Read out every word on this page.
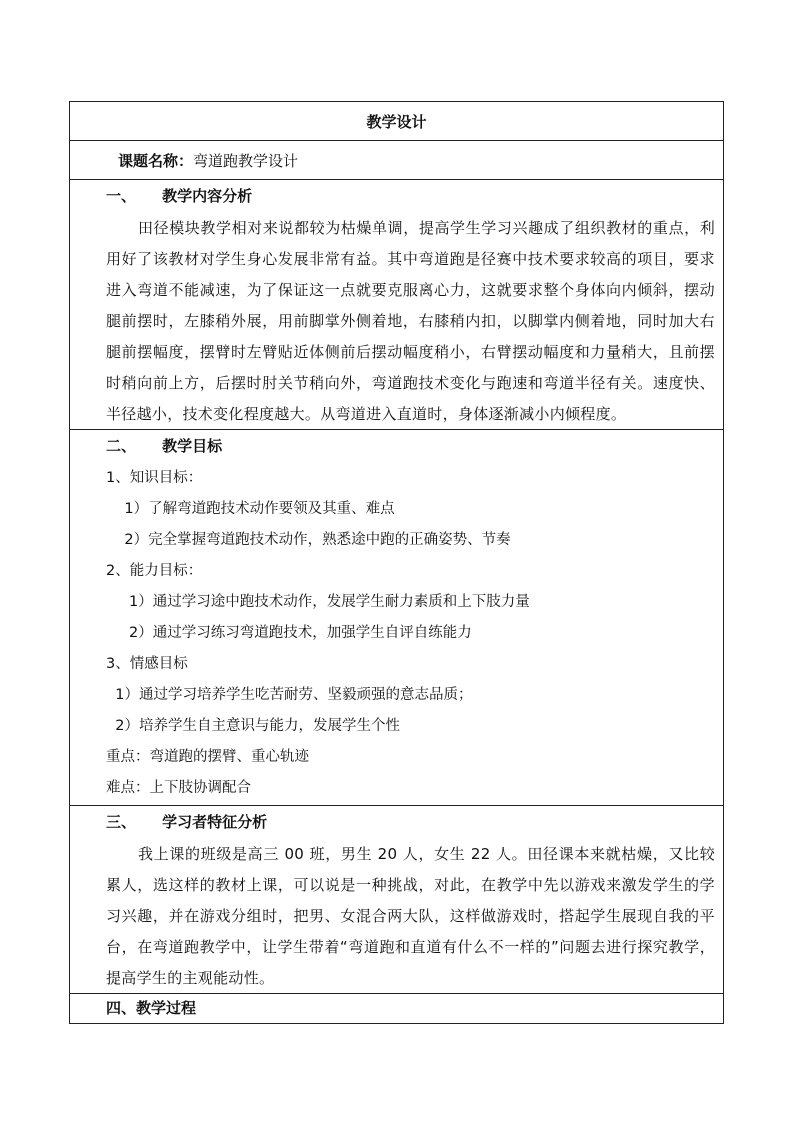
教学设计
课题名称： 弯道跑教学设计
一、     教学内容分析

田径模块教学相对来说都较为枯燥单调，提高学生学习兴趣成了组织教材的重点，利用好了该教材对学生身心发展非常有益。其中弯道跑是径赛中技术要求较高的项目，要求进入弯道不能减速，为了保证这一点就要克服离心力，这就要求整个身体向内倾斜，摆动腿前摆时，左膝稍外展，用前脚掌外侧着地，右膝稍内扣，以脚掌内侧着地，同时加大右腿前摆幅度，摆臂时左臂贴近体侧前后摆动幅度稍小，右臂摆动幅度和力量稍大，且前摆时稍向前上方，后摆时肘关节稍向外，弯道跑技术变化与跑速和弯道半径有关。速度快、半径越小，技术变化程度越大。从弯道进入直道时，身体逐渐减小内倾程度。

二、     教学目标
1、知识目标：
1）了解弯道跑技术动作要领及其重、难点
2）完全掌握弯道跑技术动作，熟悉途中跑的正确姿势、节奏
2、能力目标：
1）通过学习途中跑技术动作，发展学生耐力素质和上下肢力量
2）通过学习练习弯道跑技术，加强学生自评自练能力
3、情感目标
1）通过学习培养学生吃苦耐劳、坚毅顽强的意志品质；
2）培养学生自主意识与能力，发展学生个性
重点：弯道跑的摆臂、重心轨迹
难点：上下肢协调配合
三、     学习者特征分析

我上课的班级是高三 00 班，男生 20 人，女生 22 人。田径课本来就枯燥，又比较累人，选这样的教材上课，可以说是一种挑战，对此，在教学中先以游戏来激发学生的学习兴趣，并在游戏分组时，把男、女混合两大队，这样做游戏时，搭起学生展现自我的平台，在弯道跑教学中，让学生带着“弯道跑和直道有什么不一样的”问题去进行探究教学，提高学生的主观能动性。

四、教学过程
